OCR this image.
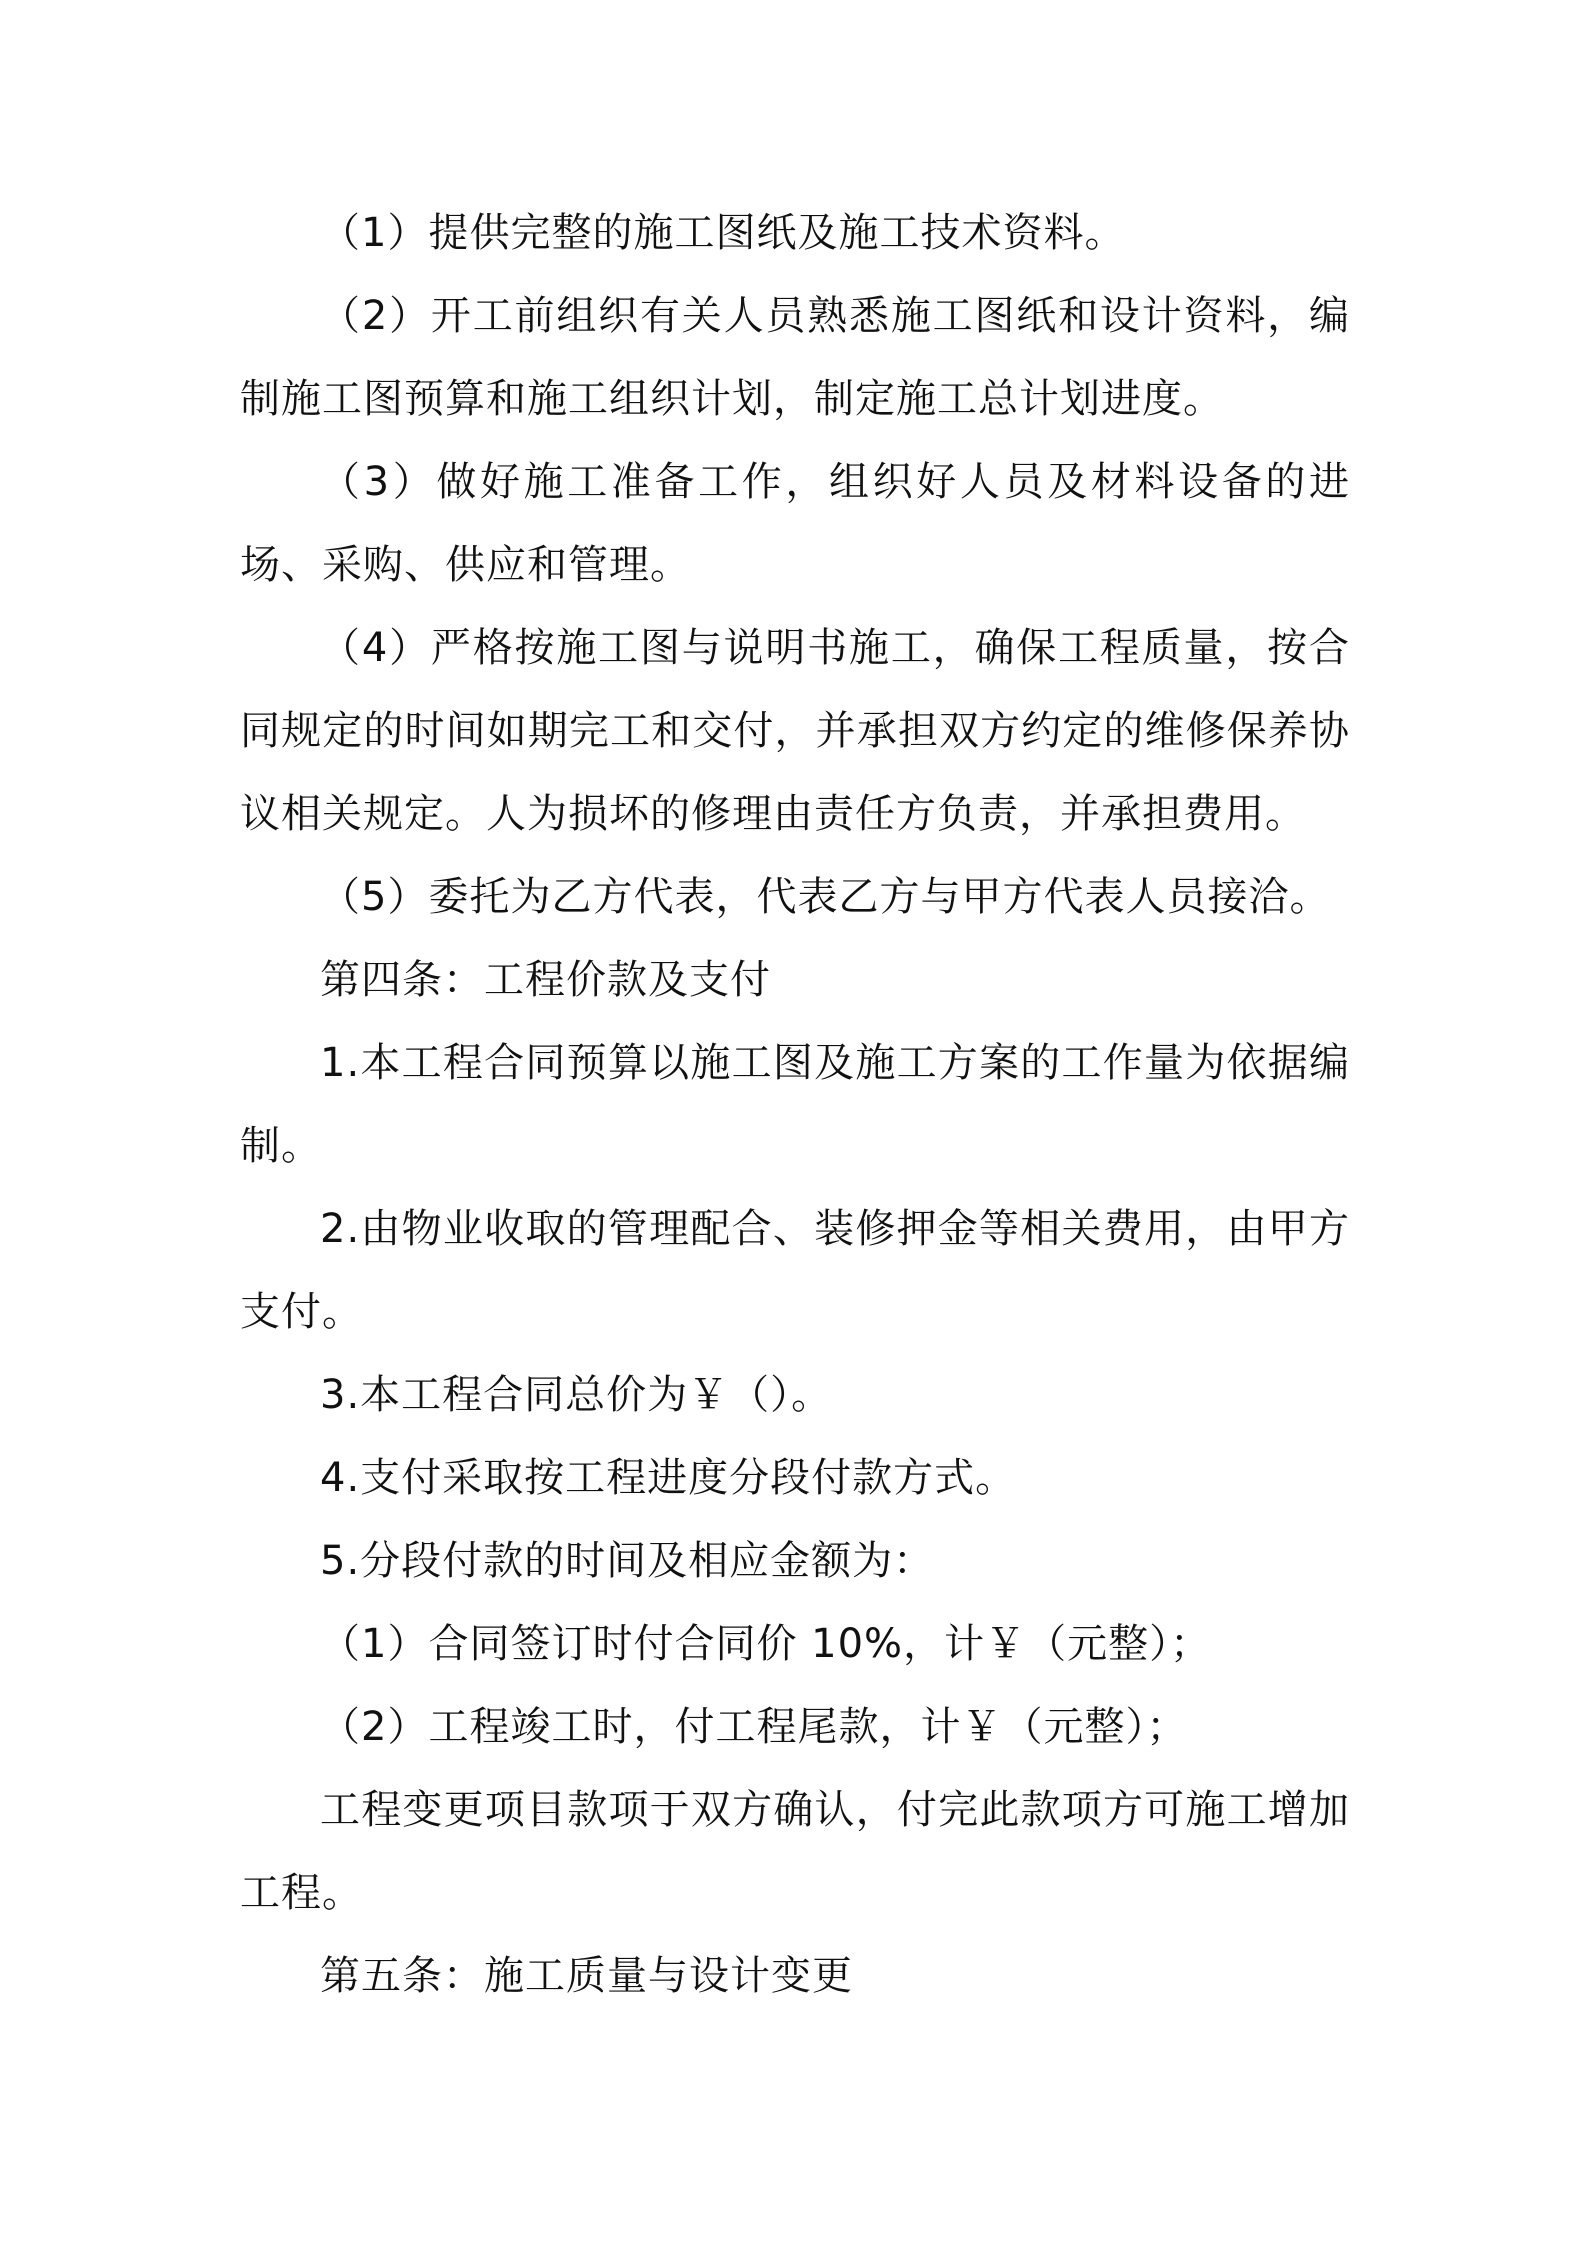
（1）提供完整的施工图纸及施工技术资料。

（2）开工前组织有关人员熟悉施工图纸和设计资料，编制施工图预算和施工组织计划，制定施工总计划进度。

（3）做好施工准备工作，组织好人员及材料设备的进场、采购、供应和管理。

（4）严格按施工图与说明书施工，确保工程质量，按合同规定的时间如期完工和交付，并承担双方约定的维修保养协议相关规定。人为损坏的修理由责任方负责，并承担费用。

（5）委托为乙方代表，代表乙方与甲方代表人员接洽。

第四条：工程价款及支付

1.本工程合同预算以施工图及施工方案的工作量为依据编制。

2.由物业收取的管理配合、装修押金等相关费用，由甲方支付。

3.本工程合同总价为￥（）。

4.支付采取按工程进度分段付款方式。

5.分段付款的时间及相应金额为：

（1）合同签订时付合同价 10%，计￥（元整）；

（2）工程竣工时，付工程尾款，计￥（元整）；

工程变更项目款项于双方确认，付完此款项方可施工增加工程。

第五条：施工质量与设计变更
